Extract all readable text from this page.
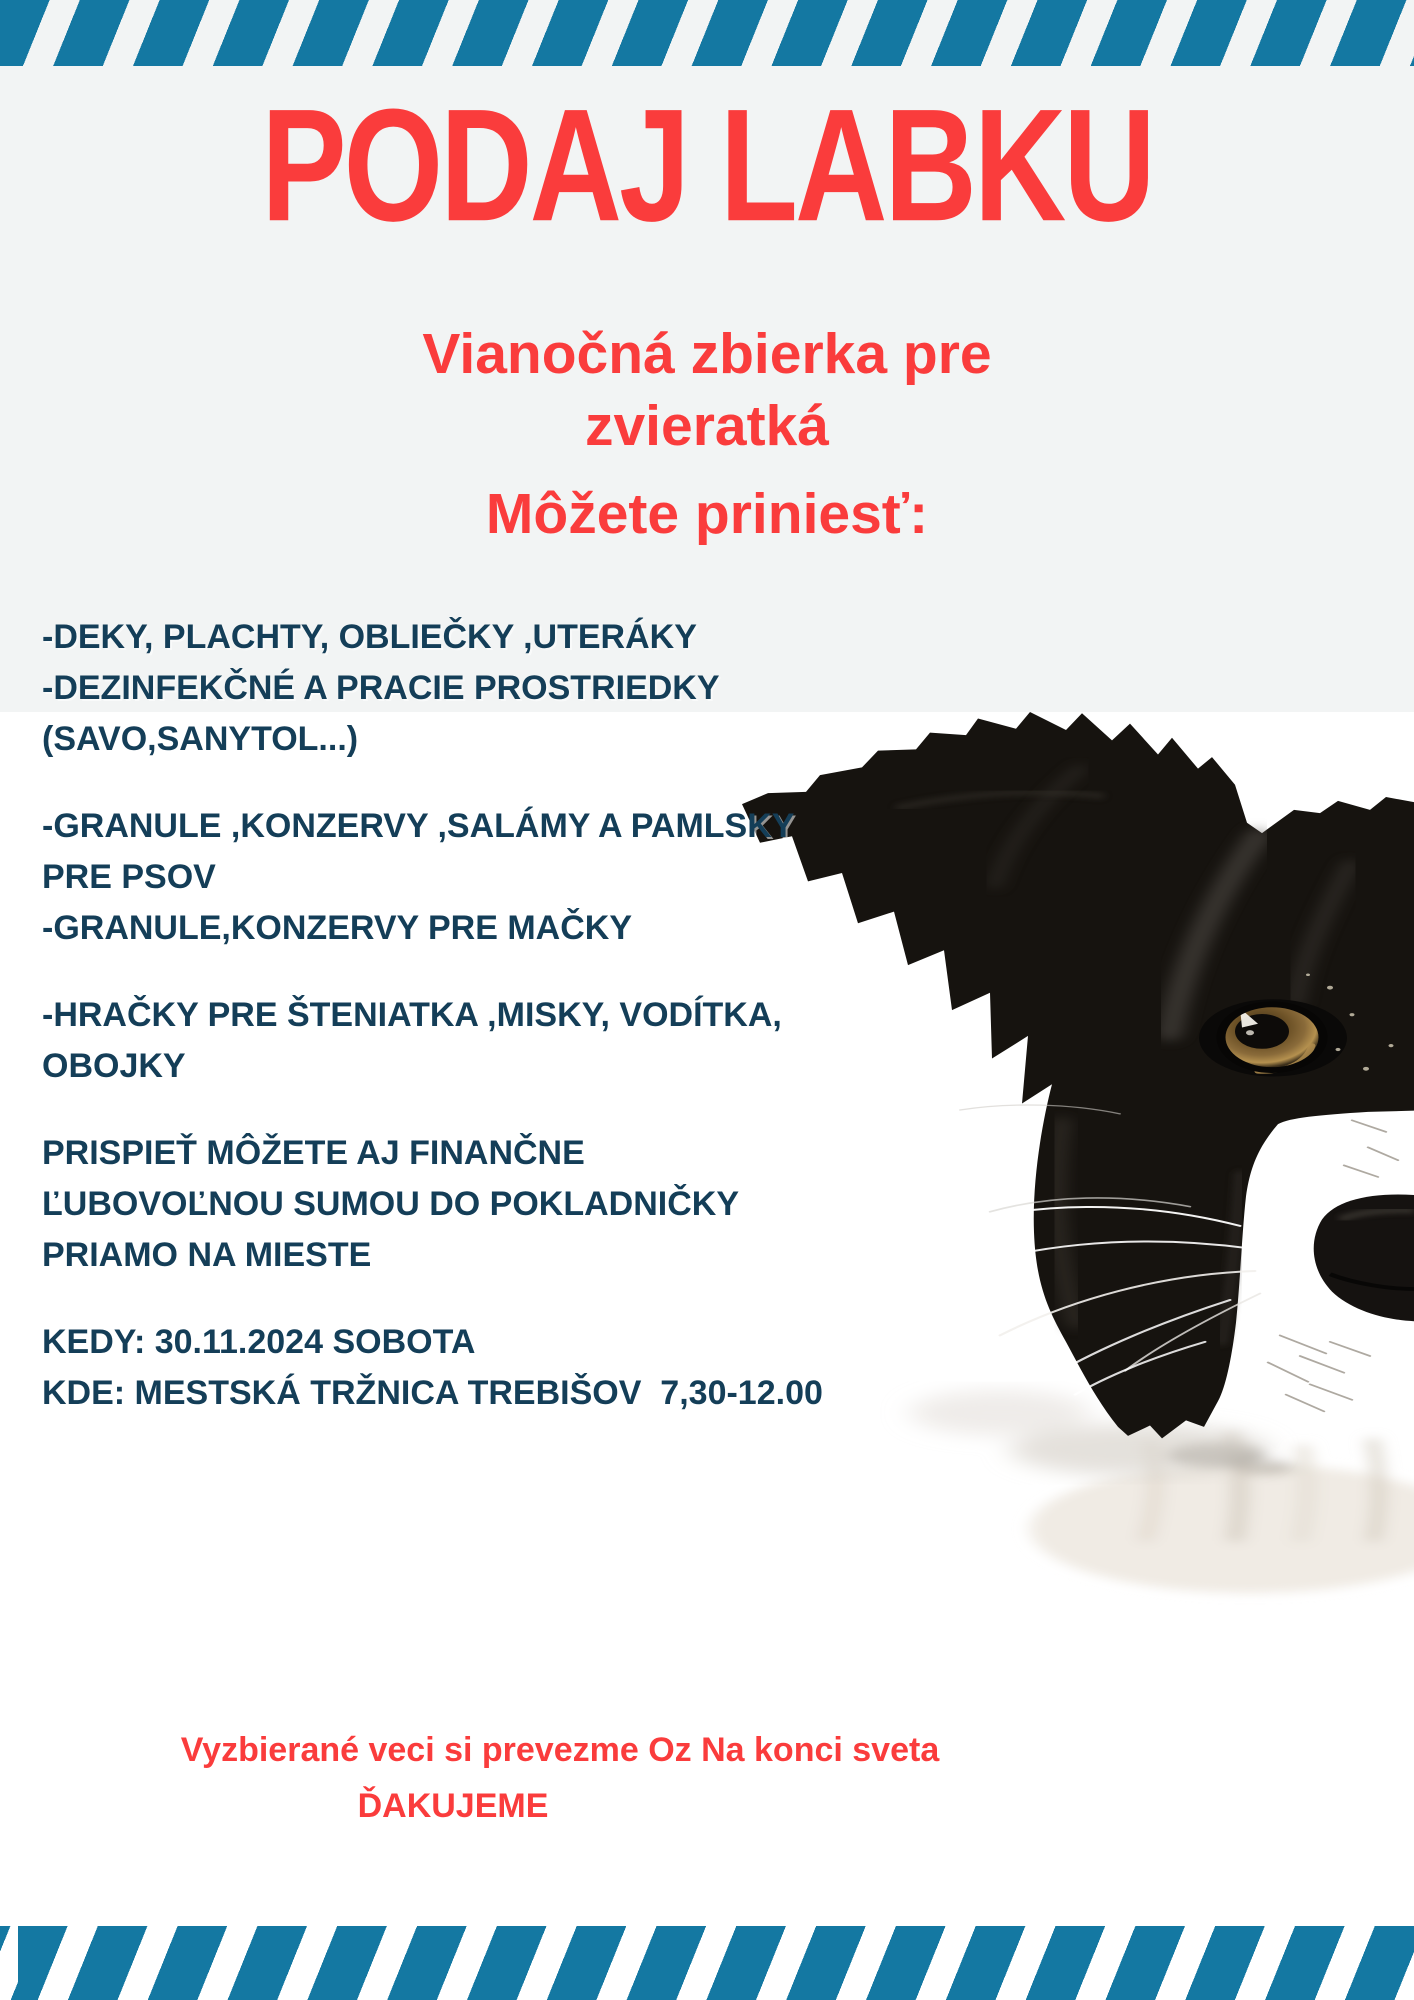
PODAJ LABKU
Vianočná zbierka pre
zvieratká
Môžete priniesť:
-DEKY, PLACHTY, OBLIEČKY ,UTERÁKY
-DEZINFEKČNÉ A PRACIE PROSTRIEDKY
(SAVO,SANYTOL...)
-GRANULE ,KONZERVY ,SALÁMY A PAMLSKY
PRE PSOV
-GRANULE,KONZERVY PRE MAČKY
-HRAČKY PRE ŠTENIATKA ,MISKY, VODÍTKA,
OBOJKY
PRISPIEŤ MÔŽETE AJ FINANČNE
ĽUBOVOĽNOU SUMOU DO POKLADNIČKY
PRIAMO NA MIESTE
KEDY: 30.11.2024 SOBOTA
KDE: MESTSKÁ TRŽNICA TREBIŠOV  7,30-12.00
Vyzbierané veci si prevezme Oz Na konci sveta
ĎAKUJEME
